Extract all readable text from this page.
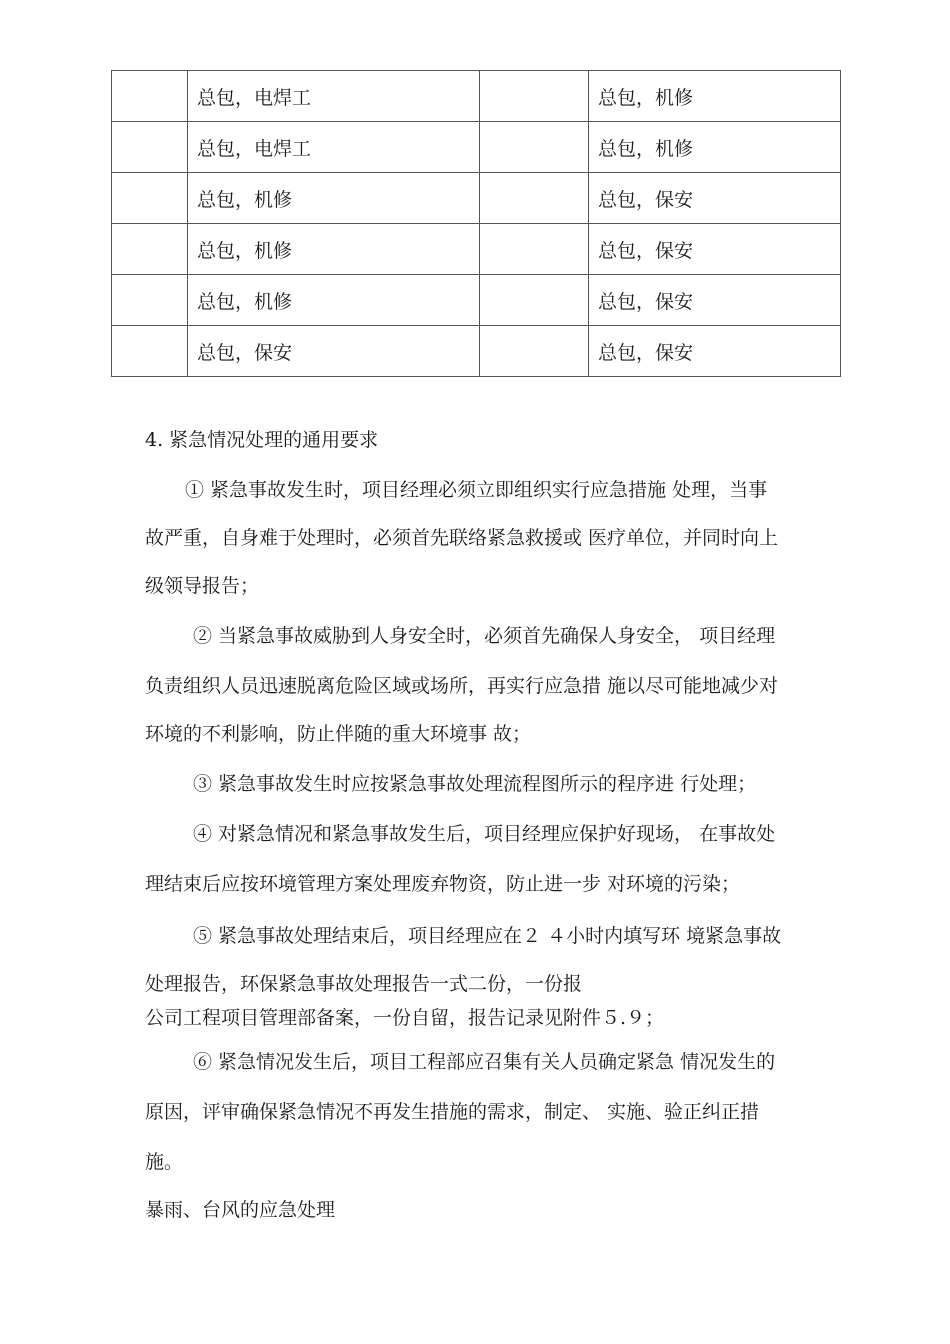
	总包，电焊工		总包，机修
	总包，电焊工		总包，机修
	总包，机修		总包，保安
	总包，机修		总包，保安
	总包，机修		总包，保安
	总包，保安		总包，保安
4. 紧急情况处理的通用要求
① 紧急事故发生时，项目经理必须立即组织实行应急措施 处理，当事
故严重，自身难于处理时，必须首先联络紧急救援或 医疗单位，并同时向上
级领导报告；
② 当紧急事故威胁到人身安全时，必须首先确保人身安全， 项目经理
负责组织人员迅速脱离危险区域或场所，再实行应急措 施以尽可能地减少对
环境的不利影响，防止伴随的重大环境事 故；
③ 紧急事故发生时应按紧急事故处理流程图所示的程序进 行处理；
④ 对紧急情况和紧急事故发生后，项目经理应保护好现场， 在事故处
理结束后应按环境管理方案处理废弃物资，防止进一步 对环境的污染；
⑤ 紧急事故处理结束后，项目经理应在２ ４小时内填写环 境紧急事故
处理报告，环保紧急事故处理报告一式二份，一份报
公司工程项目管理部备案，一份自留，报告记录见附件５.９；
⑥ 紧急情况发生后，项目工程部应召集有关人员确定紧急 情况发生的
原因，评审确保紧急情况不再发生措施的需求，制定、 实施、验正纠正措
施。
暴雨、台风的应急处理
